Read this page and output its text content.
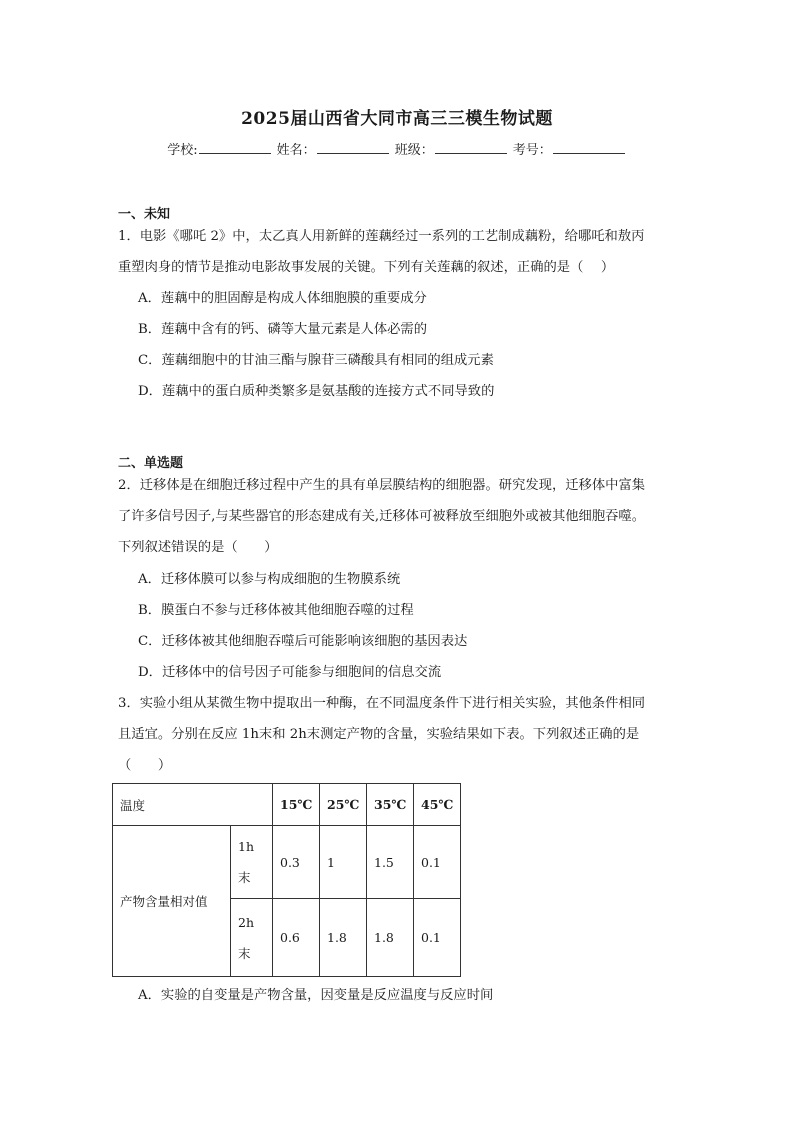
2025届山西省大同市高三三模生物试题
学校:	姓名：	班级：	考号：
一、未知
1．电影《哪吒 2》中，太乙真人用新鲜的莲藕经过一系列的工艺制成藕粉，给哪吒和敖丙
重塑肉身的情节是推动电影故事发展的关键。下列有关莲藕的叙述，正确的是（　 ）
A．莲藕中的胆固醇是构成人体细胞膜的重要成分
B．莲藕中含有的钙、磷等大量元素是人体必需的
C．莲藕细胞中的甘油三酯与腺苷三磷酸具有相同的组成元素
D．莲藕中的蛋白质种类繁多是氨基酸的连接方式不同导致的
二、单选题
2．迁移体是在细胞迁移过程中产生的具有单层膜结构的细胞器。研究发现，迁移体中富集
了许多信号因子,与某些器官的形态建成有关,迁移体可被释放至细胞外或被其他细胞吞噬。
下列叙述错误的是（　　）
A．迁移体膜可以参与构成细胞的生物膜系统
B．膜蛋白不参与迁移体被其他细胞吞噬的过程
C．迁移体被其他细胞吞噬后可能影响该细胞的基因表达
D．迁移体中的信号因子可能参与细胞间的信息交流
3．实验小组从某微生物中提取出一种酶，在不同温度条件下进行相关实验，其他条件相同
且适宜。分别在反应 1h末和 2h末测定产物的含量，实验结果如下表。下列叙述正确的是
（　　）
温度		15℃	25℃	35℃	45℃
产物含量相对值	1h
末	0.3	1	1.5	0.1
	2h
末	0.6	1.8	1.8	0.1
A．实验的自变量是产物含量，因变量是反应温度与反应时间
